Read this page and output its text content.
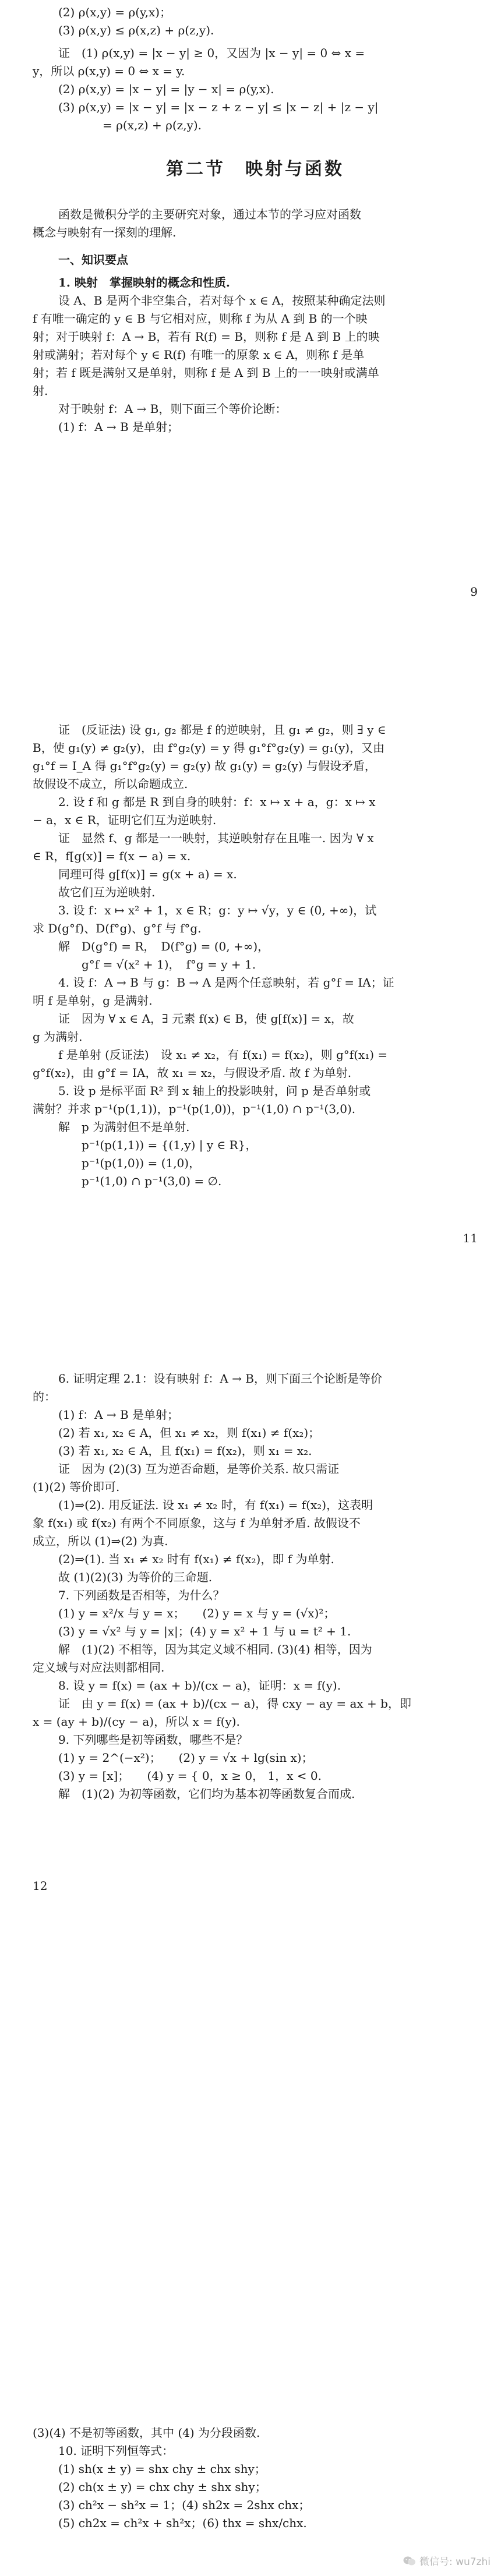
(2) ρ(x,y) = ρ(y,x)；

(3) ρ(x,y) ≤ ρ(x,z) + ρ(z,y).

证　(1) ρ(x,y) = |x − y| ≥ 0，又因为 |x − y| = 0 ⇔ x =

y，所以 ρ(x,y) = 0 ⇔ x = y.

(2) ρ(x,y) = |x − y| = |y − x| = ρ(y,x).

(3) ρ(x,y) = |x − y| = |x − z + z − y| ≤ |x − z| + |z − y|

= ρ(x,z) + ρ(z,y).

第二节　映射与函数

函数是微积分学的主要研究对象，通过本节的学习应对函数

概念与映射有一探刻的理解.

一、知识要点

1. 映射　掌握映射的概念和性质.

设 A、B 是两个非空集合，若对每个 x ∈ A，按照某种确定法则

f 有唯一确定的 y ∈ B 与它相对应，则称 f 为从 A 到 B 的一个映

射；对于映射 f：A → B，若有 R(f) = B，则称 f 是 A 到 B 上的映

射或满射；若对每个 y ∈ R(f) 有唯一的原象 x ∈ A，则称 f 是单

射；若 f 既是满射又是单射，则称 f 是 A 到 B 上的一一映射或满单

射.

对于映射 f：A → B，则下面三个等价论断：

(1) f：A → B 是单射；

9

证　(反证法) 设 g₁, g₂ 都是 f 的逆映射，且 g₁ ≠ g₂，则 ∃ y ∈

B，使 g₁(y) ≠ g₂(y)，由 f°g₂(y) = y 得 g₁°f°g₂(y) = g₁(y)，又由

g₁°f = I_A 得 g₁°f°g₂(y) = g₂(y) 故 g₁(y) = g₂(y) 与假设矛盾，

故假设不成立，所以命题成立.

2. 设 f 和 g 都是 R 到自身的映射：f：x ↦ x + a，g：x ↦ x

− a，x ∈ R，证明它们互为逆映射.

证　显然 f、g 都是一一映射，其逆映射存在且唯一. 因为 ∀ x

∈ R，f[g(x)] = f(x − a) = x.

同理可得 g[f(x)] = g(x + a) = x.

故它们互为逆映射.

3. 设 f：x ↦ x² + 1，x ∈ R；g：y ↦ √y，y ∈ (0, +∞)，试

求 D(g°f)、D(f°g)、g°f 与 f°g.

解　D(g°f) = R，　D(f°g) = (0, +∞)，

g°f = √(x² + 1)，　f°g = y + 1.

4. 设 f：A → B 与 g：B → A 是两个任意映射，若 g°f = IA；证

明 f 是单射，g 是满射.

证　因为 ∀ x ∈ A，∃ 元素 f(x) ∈ B，使 g[f(x)] = x，故

g 为满射.

f 是单射 (反证法)　设 x₁ ≠ x₂，有 f(x₁) = f(x₂)，则 g°f(x₁) =

g°f(x₂)，由 g°f = IA，故 x₁ = x₂，与假设矛盾. 故 f 为单射.

5. 设 p 是标平面 R² 到 x 轴上的投影映射，问 p 是否单射或

满射？并求 p⁻¹(p(1,1))，p⁻¹(p(1,0))，p⁻¹(1,0) ∩ p⁻¹(3,0).

解　p 为满射但不是单射.

p⁻¹(p(1,1)) = {(1,y) | y ∈ R}，

p⁻¹(p(1,0)) = (1,0)，

p⁻¹(1,0) ∩ p⁻¹(3,0) = ∅.

11

6. 证明定理 2.1：设有映射 f：A → B，则下面三个论断是等价

的：

(1) f：A → B 是单射；

(2) 若 x₁, x₂ ∈ A，但 x₁ ≠ x₂，则 f(x₁) ≠ f(x₂)；

(3) 若 x₁, x₂ ∈ A，且 f(x₁) = f(x₂)，则 x₁ = x₂.

证　因为 (2)(3) 互为逆否命题，是等价关系. 故只需证

(1)(2) 等价即可.

(1)⇒(2). 用反证法. 设 x₁ ≠ x₂ 时，有 f(x₁) = f(x₂)，这表明

象 f(x₁) 或 f(x₂) 有两个不同原象，这与 f 为单射矛盾. 故假设不

成立，所以 (1)⇒(2) 为真.

(2)⇒(1). 当 x₁ ≠ x₂ 时有 f(x₁) ≠ f(x₂)，即 f 为单射.

故 (1)(2)(3) 为等价的三命题.

7. 下列函数是否相等，为什么？

(1) y = x²/x 与 y = x；　　(2) y = x 与 y = (√x)²；

(3) y = √x² 与 y = |x|；(4) y = x² + 1 与 u = t² + 1.

解　(1)(2) 不相等，因为其定义域不相同. (3)(4) 相等，因为

定义域与对应法则都相同.

8. 设 y = f(x) = (ax + b)/(cx − a)，证明：x = f(y).

证　由 y = f(x) = (ax + b)/(cx − a)，得 cxy − ay = ax + b，即

x = (ay + b)/(cy − a)，所以 x = f(y).

9. 下列哪些是初等函数，哪些不是？

(1) y = 2^(−x²)；　　(2) y = √x + lg(sin x)；

(3) y = [x]；　　(4) y = { 0，x ≥ 0， 1，x < 0.

解　(1)(2) 为初等函数，它们均为基本初等函数复合而成.

12

(3)(4) 不是初等函数，其中 (4) 为分段函数.

10. 证明下列恒等式：

(1) sh(x ± y) = shx chy ± chx shy；

(2) ch(x ± y) = chx chy ± shx shy；

(3) ch²x − sh²x = 1；(4) sh2x = 2shx chx；

(5) ch2x = ch²x + sh²x；(6) thx = shx/chx.

微信号: wu7zhi
